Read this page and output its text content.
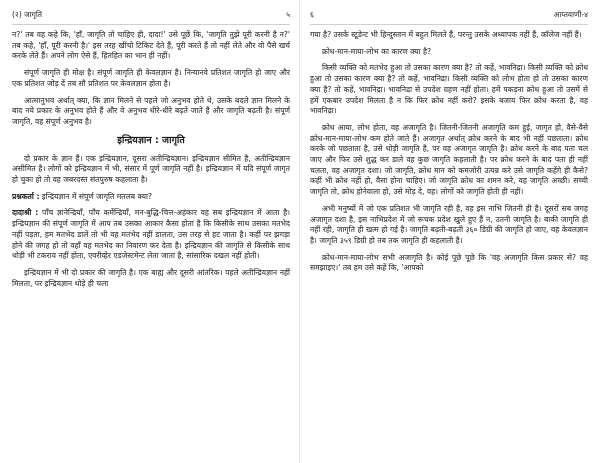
(२) जागृति	५

न?' तब वह कहे कि, 'हाँ, जागृति तो चाहिए ही, दादा!' उसे पूछें कि, 'जागृति तुझे पूरी करनी है न?' तब कहे, 'हाँ, पूरी करनी है।' इस तरह खींचो टिकिट देते हैं, पूरी करते हैं तो नहीं लेते और वो पैसे खर्च करके लेते हैं। अपने लोग ऐसे हैं, हितहित का भान ही नहीं।

संपूर्ण जागृति ही मोक्ष है। संपूर्ण जागृति ही केवलज्ञान है। निन्यानवे प्रतिशत जागृति हो जाए और एक प्रतिशत जोड़ दें तब सौ प्रतिशत पर केवलज्ञान होता है।

आत्मानुभव अर्थात् क्या, कि ज्ञान मिलने से पहले जो अनुभव होते थे, उसके बदले ज्ञान मिलने के बाद नये प्रकार के अनुभव होते हैं और वे अनुभव धीरे-धीरे बढ़ते जाते हैं और जागृति बढ़ती है। संपूर्ण जागृति, वह संपूर्ण अनुभव है।

इन्द्रियज्ञान : जागृति

दो प्रकार के ज्ञान हैं। एक इन्द्रियज्ञान, दूसरा अतीन्द्रियज्ञान। इन्द्रियज्ञान सीमित है, अतीन्द्रियज्ञान असीमित है। लोगों को इन्द्रियज्ञान में भी, संसार में पूर्ण जागृति नहीं है। इन्द्रियज्ञान में यदि संपूर्ण जागृत हो चुका हो तो वह जबरदस्त संतपुरुष कहलाता है।

प्रश्नकर्ता : इन्द्रियज्ञान में संपूर्ण जागृति मतलब क्या?

दादाश्री : पाँच ज्ञानेन्द्रियाँ, पाँच कर्मेन्द्रियाँ, मन-बुद्धि-चित्त-अहंकार वह सब इन्द्रियज्ञान में आता है। इन्द्रियज्ञान की संपूर्ण जागृति में आप तब उसका आकार कैसा होता है कि किसीके साथ उसका मतभेद नहीं पड़ता, हम मतभेद डालें तो भी वह मतभेद नहीं डालता, उस तरह से हट जाता है। कहीं पर झगड़ा होने की जगह हो तो वहाँ वह मतभेद का निवारण कर देता है। इन्द्रियज्ञान की जागृति से किसीके साथ थोड़ी भी टकराव नहीं होता, एवरीव्हेर एडजेस्टमेन्ट लेता जाता है, सांसारिक दखल नहीं होती।

इन्द्रियज्ञान में भी दो प्रकार की जागृति है। एक बाह्य और दूसरी आंतरिक। पहले अतीन्द्रियज्ञान नहीं मिलता, पर इन्द्रियज्ञान थोड़े ही चला

६	आप्तवाणी-४

गया है? उसके स्टूडेन्ट भी हिन्दुस्तान में बहुत मिलते हैं, परन्तु उसके अध्यापक नहीं हैं, कॉलेज नहीं हैं।

क्रोध-मान-माया-लोभ का कारण क्या है?

किसी व्यक्ति को मतभेद हुआ तो उसका कारण क्या है? तो कहें, भावनिद्रा। किसी व्यक्ति को क्रोध हुआ तो उसका कारण क्या है? तो कहें, भावनिद्रा। किसी व्यक्ति को लोभ होता हो तो उसका कारण क्या है? तो कहें, भावनिद्रा। भावनिद्रा से उपदेश ग्रहण नहीं होता। हमें पकड़ना क्रोध हुआ तो उसमें से हमें एकबार उपदेश मिलता है न कि फिर क्रोध नहीं करो? इसके बजाय फिर क्रोध करता है, वह भावनिद्रा।

क्रोध आया, लोभ होता, वह अजागृति है। जितनी-जितनी अजागृति कम हुई, जागृत हो, वैसे-वैसे क्रोध-मान-माया-लोभ कम होते जाते हैं। अजागृत अर्थात् क्रोध करने के बाद भी नहीं पछताता। क्रोध करके जो पछताता है, उसे थोड़ी जागृति है, पर वह अजागृत जागृति है। क्रोध करने के बाद पता चल जाए और फिर उसे शुद्ध कर डाले वह कुछ जागृति कहलाती है। पर क्रोध करने के बाद पता ही नहीं चलता, वह अजागृत दशा। जो जागृति, क्रोध मान को कमजोरी उत्पन्न करे उसे जागृति कहेंगे ही कैसे? कहीं भी क्रोध नहीं हो, वैसा होना चाहिए। जो जागृति क्रोध का शमन करे, वह जागृति अच्छी। सच्ची जागृति तो, क्रोध होनेवाला हो, उसे मोड़ दे, वह। लोगों को जागृति होती ही नहीं।

अभी मनुष्यों में जो एक प्रतिशत भी जागृति रही है, वह इस नाभि जितनी ही है। दूसरों सब जगह अजागृत दशा है, इस नाभिप्रदेश में जो रूचक प्रदेश खुले हुए हैं न, उतनी जागृति है। बाकी जागृति ही नहीं रही, जागृति ही खत्म हो गई है। जागृति बढ़ती-बढ़ती ३६० डिग्री की जागृति हो जाए, वह केवलज्ञान है। जागृति ३५९ डिग्री हो तब तक जागृति ही कहलाती है।

क्रोध-मान-माया-लोभ सभी अजागृति है। कोई पूछे पूछे कि 'वह अजागृति किस प्रकार से? वह समझाइए।' तब हम उसे कहें कि, 'आपको
